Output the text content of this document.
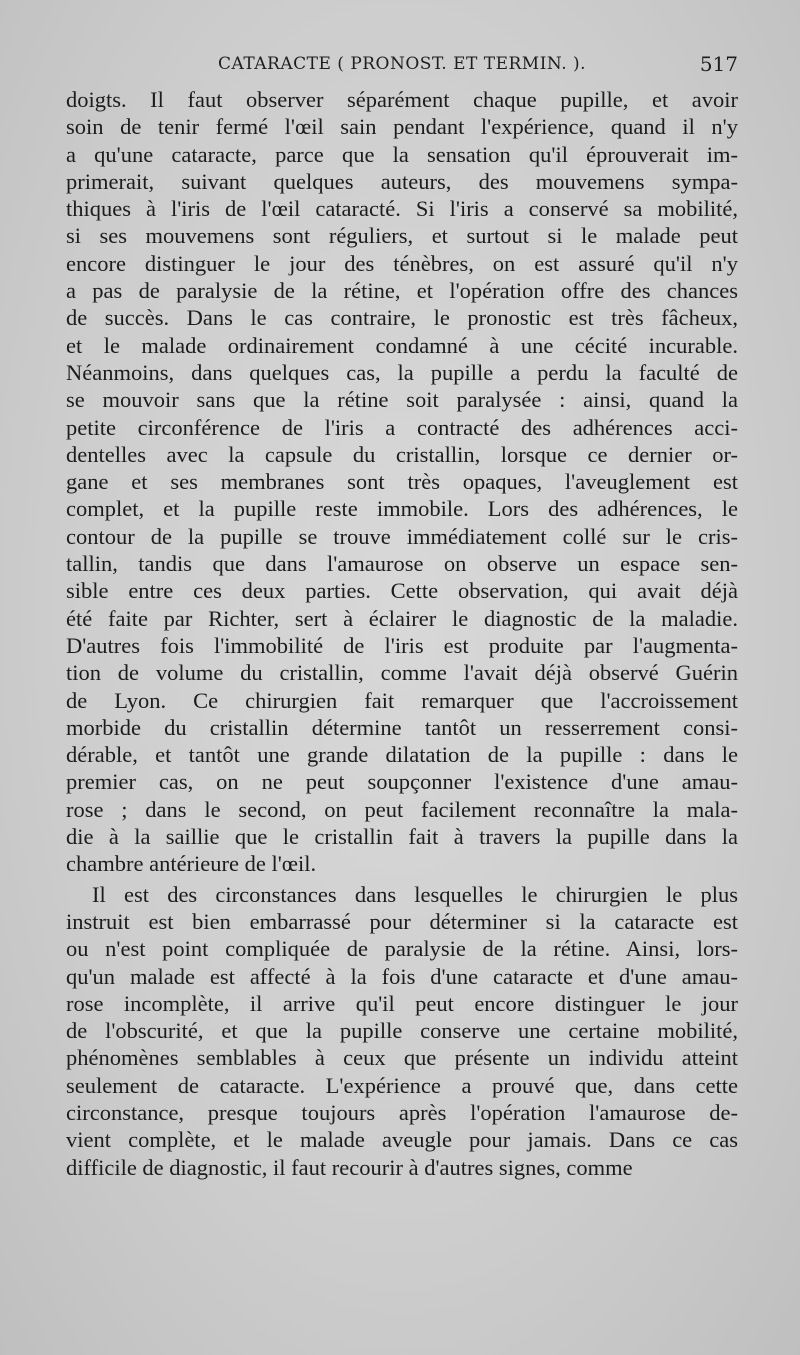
CATARACTE ( PRONOST. ET TERMIN. ).	517
doigts. Il faut observer séparément chaque pupille, et avoir
soin de tenir fermé l'œil sain pendant l'expérience, quand il n'y
a qu'une cataracte, parce que la sensation qu'il éprouverait im-
primerait, suivant quelques auteurs, des mouvemens sympa-
thiques à l'iris de l'œil cataracté. Si l'iris a conservé sa mobilité,
si ses mouvemens sont réguliers, et surtout si le malade peut
encore distinguer le jour des ténèbres, on est assuré qu'il n'y
a pas de paralysie de la rétine, et l'opération offre des chances
de succès. Dans le cas contraire, le pronostic est très fâcheux,
et le malade ordinairement condamné à une cécité incurable.
Néanmoins, dans quelques cas, la pupille a perdu la faculté de
se mouvoir sans que la rétine soit paralysée : ainsi, quand la
petite circonférence de l'iris a contracté des adhérences acci-
dentelles avec la capsule du cristallin, lorsque ce dernier or-
gane et ses membranes sont très opaques, l'aveuglement est
complet, et la pupille reste immobile. Lors des adhérences, le
contour de la pupille se trouve immédiatement collé sur le cris-
tallin, tandis que dans l'amaurose on observe un espace sen-
sible entre ces deux parties. Cette observation, qui avait déjà
été faite par Richter, sert à éclairer le diagnostic de la maladie.
D'autres fois l'immobilité de l'iris est produite par l'augmenta-
tion de volume du cristallin, comme l'avait déjà observé Guérin
de Lyon. Ce chirurgien fait remarquer que l'accroissement
morbide du cristallin détermine tantôt un resserrement consi-
dérable, et tantôt une grande dilatation de la pupille : dans le
premier cas, on ne peut soupçonner l'existence d'une amau-
rose ; dans le second, on peut facilement reconnaître la mala-
die à la saillie que le cristallin fait à travers la pupille dans la
chambre antérieure de l'œil.
Il est des circonstances dans lesquelles le chirurgien le plus
instruit est bien embarrassé pour déterminer si la cataracte est
ou n'est point compliquée de paralysie de la rétine. Ainsi, lors-
qu'un malade est affecté à la fois d'une cataracte et d'une amau-
rose incomplète, il arrive qu'il peut encore distinguer le jour
de l'obscurité, et que la pupille conserve une certaine mobilité,
phénomènes semblables à ceux que présente un individu atteint
seulement de cataracte. L'expérience a prouvé que, dans cette
circonstance, presque toujours après l'opération l'amaurose de-
vient complète, et le malade aveugle pour jamais. Dans ce cas
difficile de diagnostic, il faut recourir à d'autres signes, comme
